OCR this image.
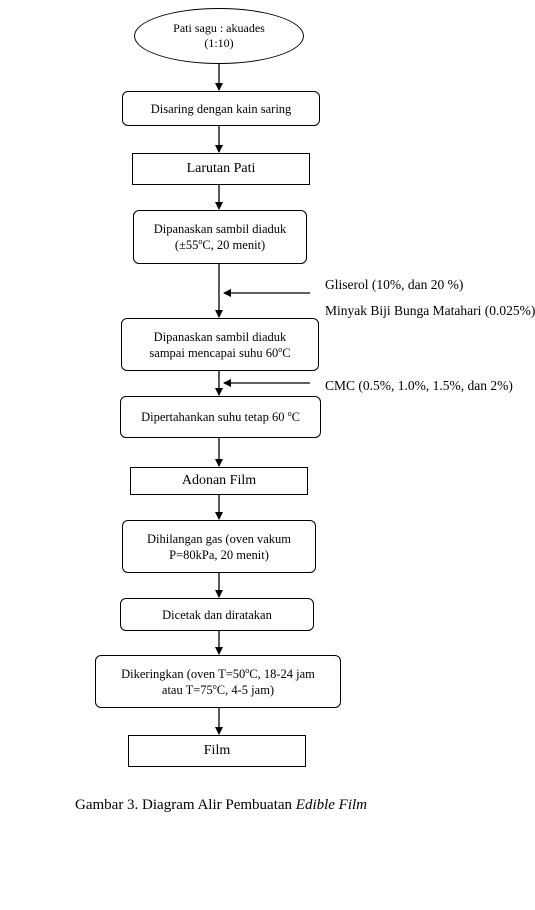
Pati sagu : akuades
(1:10)
Disaring dengan kain saring
Larutan Pati
Dipanaskan sambil diaduk
($\pm 55^oC$, 20 menit)
Gliserol (10%, dan 20 %)
Minyak Biji Bunga Matahari (0.025%)
Dipanaskan sambil diaduk
sampai mencapai suhu 60$^o$C
CMC (0.5%, 1.0%, 1.5%, dan 2%)
Dipertahankan suhu tetap 60 $^o$C
Adonan Film
Dihilangan gas (oven vakum
P=80kPa, 20 menit)
Dicetak dan diratakan
Dikeringkan (oven $T=50^oC$, 18-24 jam
atau $T=75^oC$, 4-5 jam)
Film
Gambar 3. Diagram Alir Pembuatan Edible Film
